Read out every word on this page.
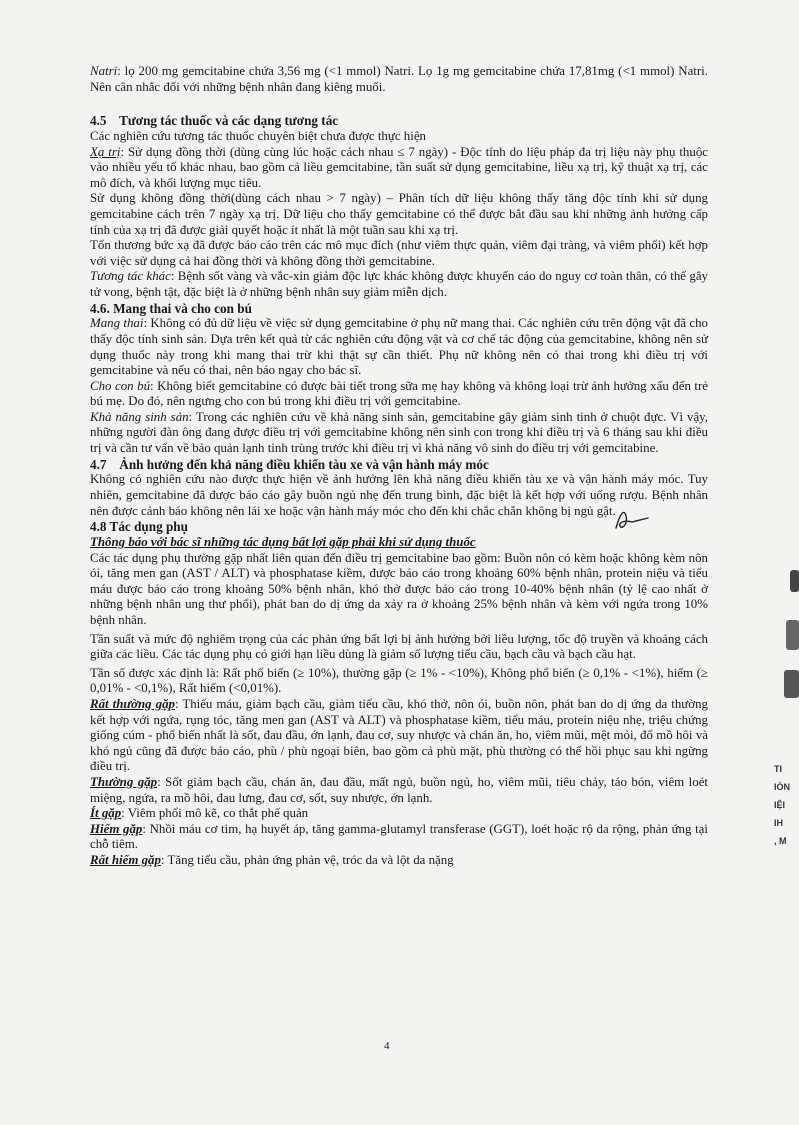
Natri: lọ 200 mg gemcitabine chứa 3,56 mg (<1 mmol) Natri. Lọ 1g mg gemcitabine chứa 17,81mg (<1 mmol) Natri. Nên cân nhắc đối với những bệnh nhân đang kiêng muối.

4.5 Tương tác thuốc và các dạng tương tác

Các nghiên cứu tương tác thuốc chuyên biệt chưa được thực hiện

Xạ trị: Sử dụng đồng thời (dùng cùng lúc hoặc cách nhau ≤ 7 ngày) - Độc tính do liệu pháp đa trị liệu này phụ thuộc vào nhiều yếu tố khác nhau, bao gồm cả liều gemcitabine, tần suất sử dụng gemcitabine, liều xạ trị, kỹ thuật xạ trị, các mô đích, và khối lượng mục tiêu.

Sử dụng không đồng thời(dùng cách nhau > 7 ngày) – Phân tích dữ liệu không thấy tăng độc tính khi sử dụng gemcitabine cách trên 7 ngày xạ trị. Dữ liệu cho thấy gemcitabine có thể được bắt đầu sau khi những ảnh hưởng cấp tính của xạ trị đã được giải quyết hoặc ít nhất là một tuần sau khi xạ trị.

Tổn thương bức xạ đã được báo cáo trên các mô mục đích (như viêm thực quản, viêm đại tràng, và viêm phổi) kết hợp với việc sử dụng cả hai đồng thời và không đồng thời gemcitabine.

Tương tác khác: Bệnh sốt vàng và vắc-xin giảm độc lực khác không được khuyến cáo do nguy cơ toàn thân, có thể gây tử vong, bệnh tật, đặc biệt là ở những bệnh nhân suy giảm miễn dịch.

4.6. Mang thai và cho con bú

Mang thai: Không có đủ dữ liệu về việc sử dụng gemcitabine ở phụ nữ mang thai. Các nghiên cứu trên động vật đã cho thấy độc tính sinh sản. Dựa trên kết quả từ các nghiên cứu động vật và cơ chế tác động của gemcitabine, không nên sử dụng thuốc này trong khi mang thai trừ khi thật sự cần thiết. Phụ nữ không nên có thai trong khi điều trị với gemcitabine và nếu có thai, nên báo ngay cho bác sĩ.

Cho con bú: Không biết gemcitabine có được bài tiết trong sữa mẹ hay không và không loại trừ ảnh hưởng xấu đến trẻ bú mẹ. Do đó, nên ngưng cho con bú trong khi điều trị với gemcitabine.

Khả năng sinh sản: Trong các nghiên cứu về khả năng sinh sản, gemcitabine gây giảm sinh tinh ở chuột đực. Vì vậy, những người đàn ông đang được điều trị với gemcitabine không nên sinh con trong khi điều trị và 6 tháng sau khi điều trị và cần tư vấn về bảo quản lạnh tinh trùng trước khi điều trị vì khả năng vô sinh do điều trị với gemcitabine.

4.7 Ảnh hưởng đến khả năng điều khiển tàu xe và vận hành máy móc

Không có nghiên cứu nào được thực hiện về ảnh hưởng lên khả năng điều khiển tàu xe và vận hành máy móc. Tuy nhiên, gemcitabine đã được báo cáo gây buồn ngủ nhẹ đến trung bình, đặc biệt là kết hợp với uống rượu. Bệnh nhân nên được cảnh báo không nên lái xe hoặc vận hành máy móc cho đến khi chắc chắn không bị ngủ gật.

4.8 Tác dụng phụ

Thông báo với bác sĩ những tác dụng bất lợi gặp phải khi sử dụng thuốc

Các tác dụng phụ thường gặp nhất liên quan đến điều trị gemcitabine bao gồm: Buồn nôn có kèm hoặc không kèm nôn ói, tăng men gan (AST / ALT) và phosphatase kiềm, được báo cáo trong khoảng 60% bệnh nhân, protein niệu và tiểu máu được báo cáo trong khoảng 50% bệnh nhân, khó thở được báo cáo trong 10-40% bệnh nhân (tỷ lệ cao nhất ở những bệnh nhân ung thư phổi), phát ban do dị ứng da xảy ra ở khoảng 25% bệnh nhân và kèm với ngứa trong 10% bệnh nhân.

Tần suất và mức độ nghiêm trọng của các phản ứng bất lợi bị ảnh hưởng bởi liều lượng, tốc độ truyền và khoảng cách giữa các liều. Các tác dụng phụ có giới hạn liều dùng là giảm số lượng tiểu cầu, bạch cầu và bạch cầu hạt.

Tần số được xác định là: Rất phổ biến (≥ 10%), thường gặp (≥ 1% - <10%), Không phổ biến (≥ 0,1% - <1%), hiếm (≥ 0,01% - <0,1%), Rất hiếm (<0,01%).

Rất thường gặp: Thiếu máu, giảm bạch cầu, giảm tiểu cầu, khó thở, nôn ói, buồn nôn, phát ban do dị ứng da thường kết hợp với ngứa, rụng tóc, tăng men gan (AST và ALT) và phosphatase kiềm, tiểu máu, protein niệu nhẹ, triệu chứng giống cúm - phổ biến nhất là sốt, đau đầu, ớn lạnh, đau cơ, suy nhược và chán ăn, ho, viêm mũi, mệt mỏi, đổ mồ hôi và khó ngủ cũng đã được báo cáo, phù / phù ngoại biên, bao gồm cả phù mặt, phù thường có thể hồi phục sau khi ngừng điều trị.

Thường gặp: Sốt giảm bạch cầu, chán ăn, đau đầu, mất ngủ, buồn ngủ, ho, viêm mũi, tiêu chảy, táo bón, viêm loét miệng, ngứa, ra mồ hôi, đau lưng, đau cơ, sốt, suy nhược, ớn lạnh.

Ít gặp: Viêm phổi mô kẽ, co thắt phế quản

Hiếm gặp: Nhồi máu cơ tim, hạ huyết áp, tăng gamma-glutamyl transferase (GGT), loét hoặc rộ da rộng, phản ứng tại chỗ tiêm.

Rất hiếm gặp: Tăng tiểu cầu, phản ứng phản vệ, tróc da và lột da nặng

TI
IÒN
IỆI
IH
, M
4
